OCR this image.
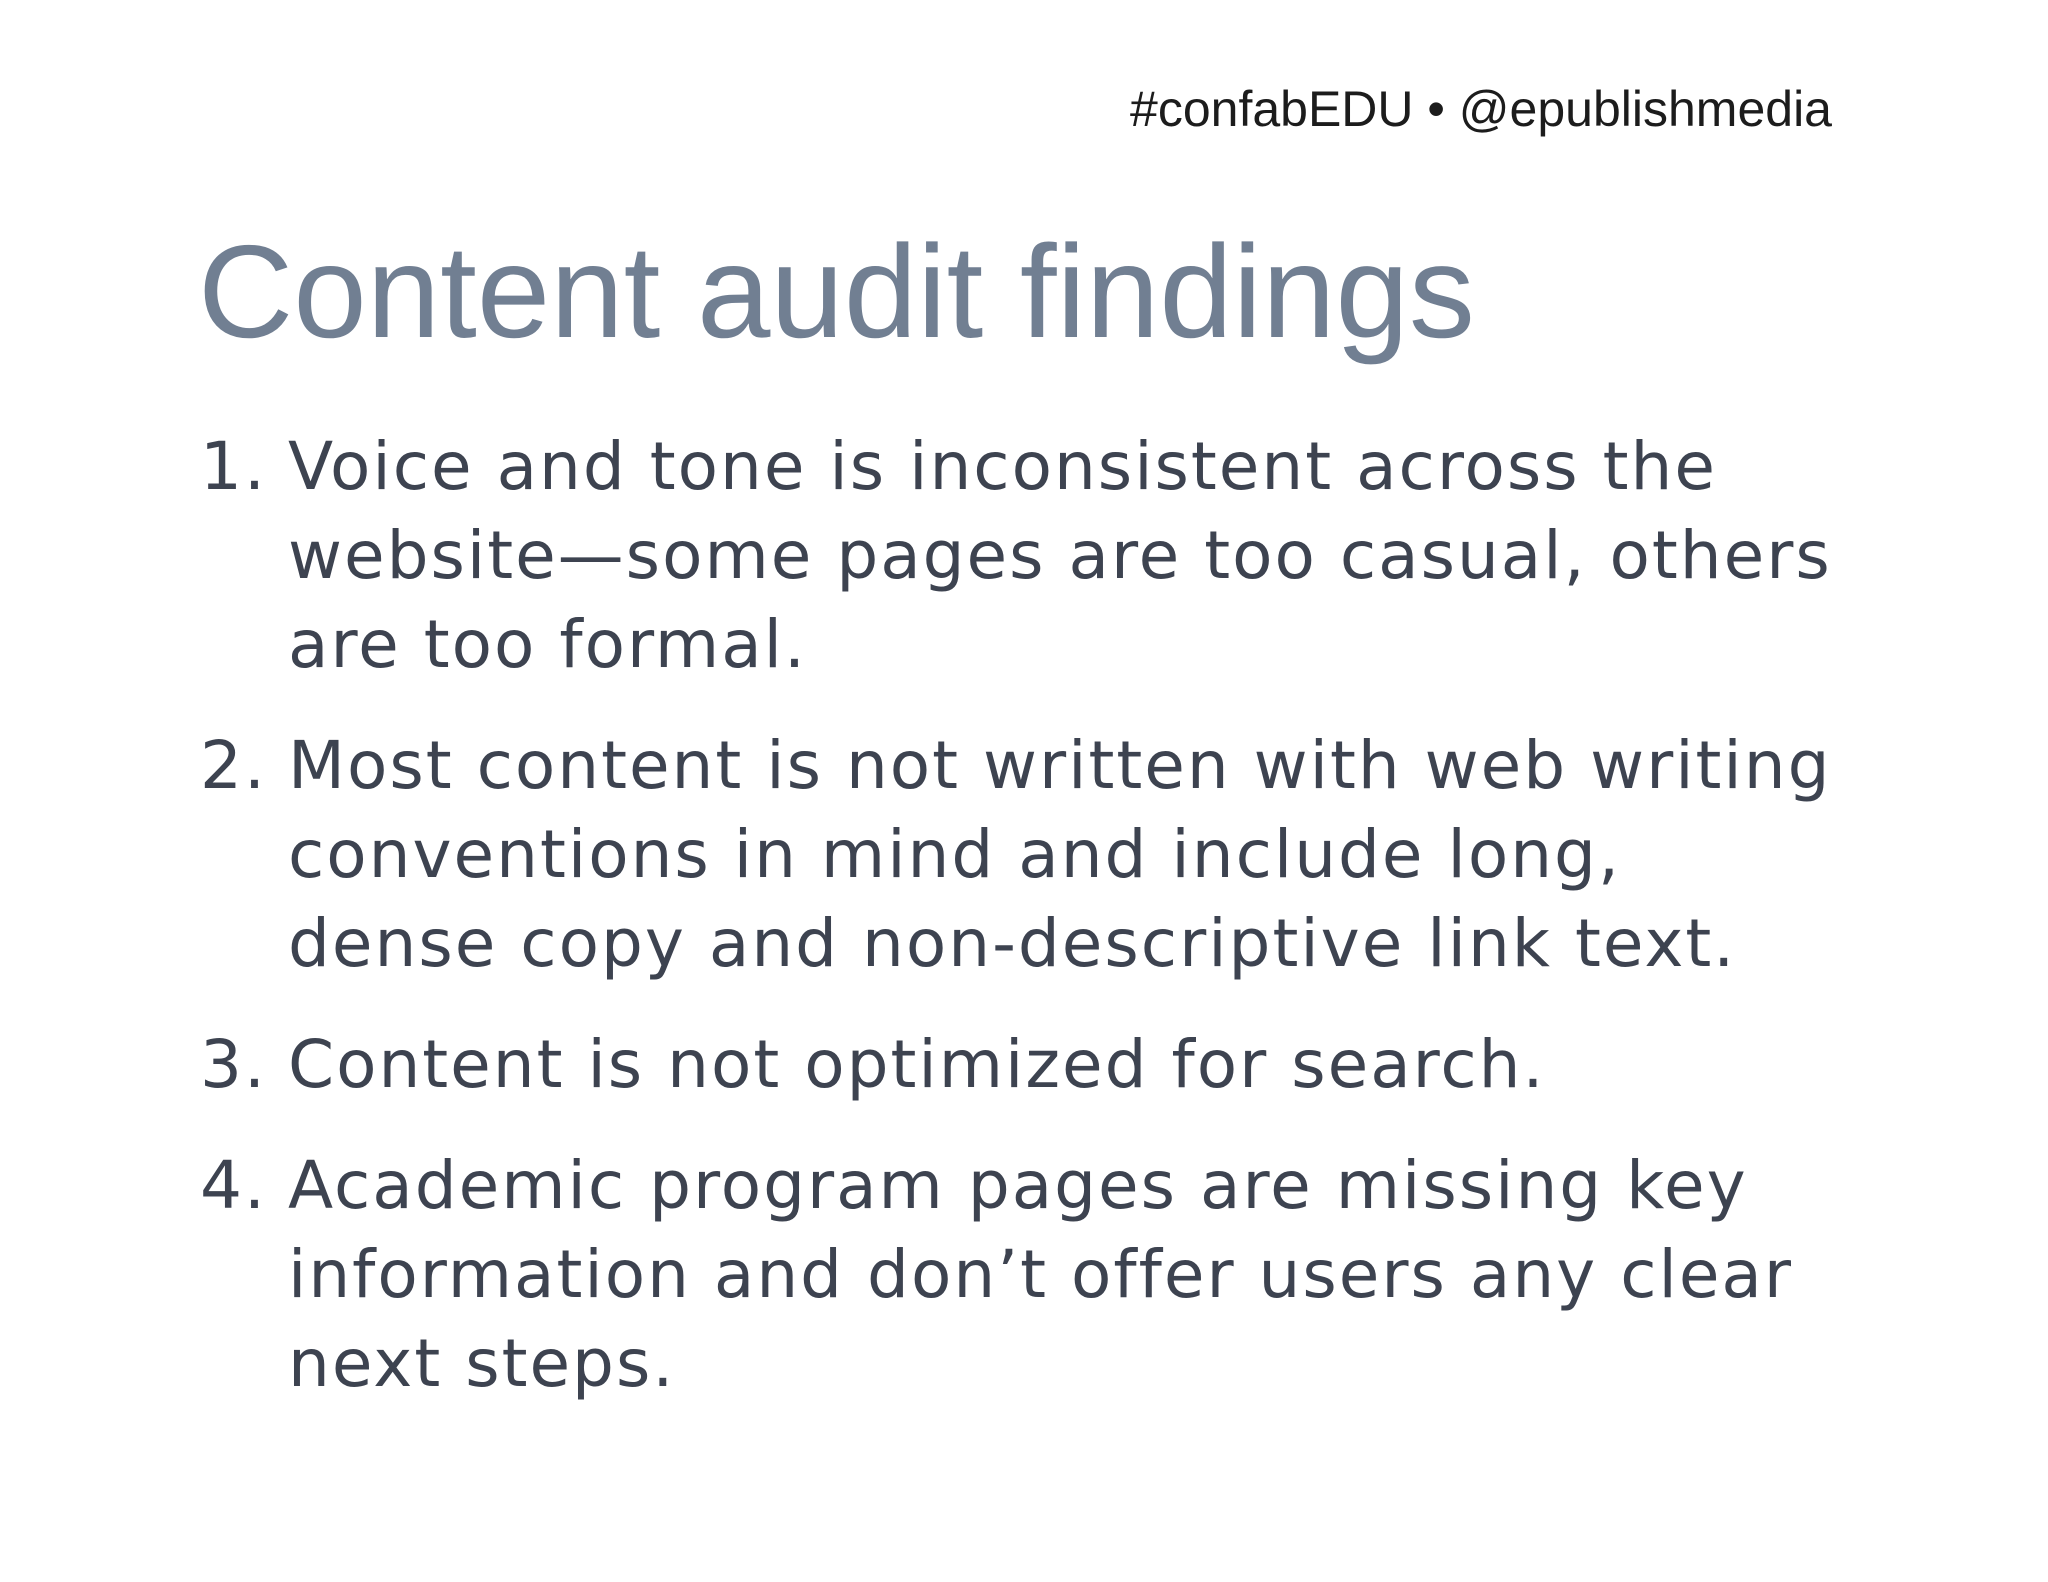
#confabEDU • @epublishmedia
Content audit findings
1. Voice and tone is inconsistent across the website—some pages are too casual, others are too formal.
2. Most content is not written with web writing conventions in mind and include long, dense copy and non-descriptive link text.
3. Content is not optimized for search.
4. Academic program pages are missing key information and don’t offer users any clear next steps.
